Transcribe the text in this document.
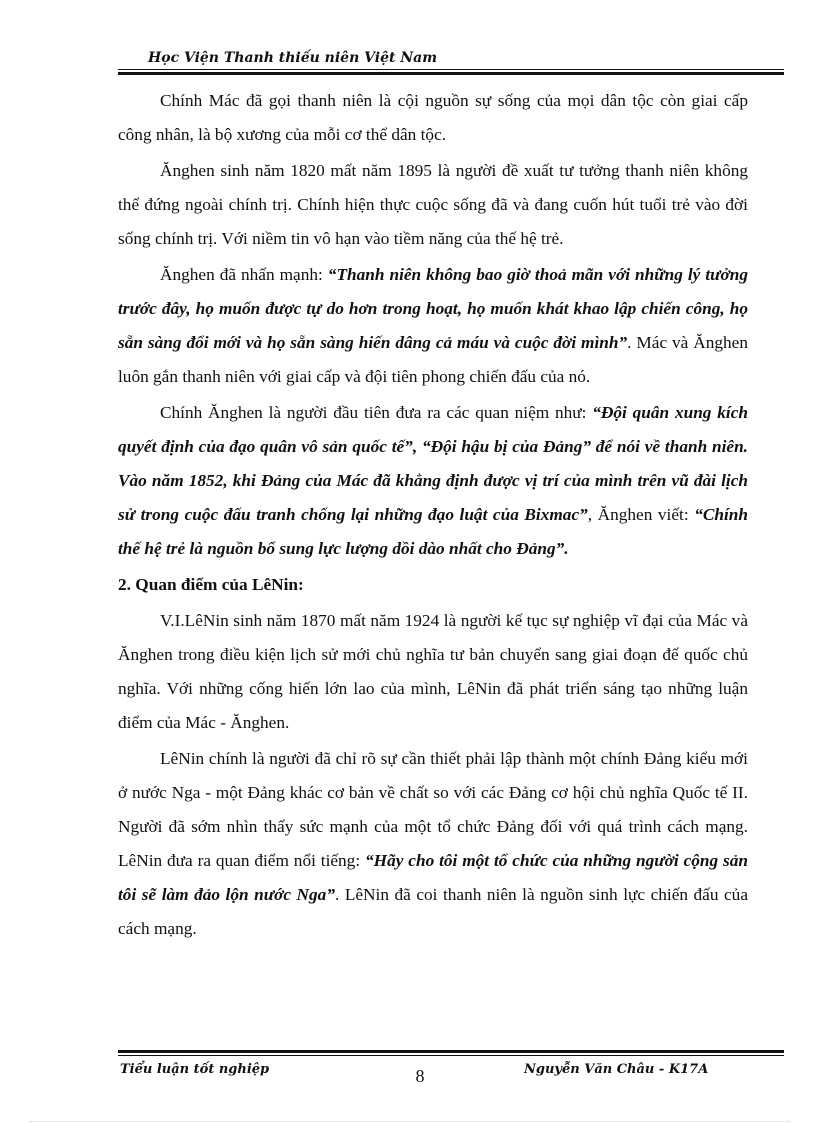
Học Viện Thanh thiếu niên Việt Nam

Chính Mác đã gọi thanh niên là cội nguồn sự sống của mọi dân tộc còn giai cấp công nhân, là bộ xương của mỗi cơ thể dân tộc.

Ănghen sinh năm 1820 mất năm 1895 là người đề xuất tư tưởng thanh niên không thể đứng ngoài chính trị. Chính hiện thực cuộc sống đã và đang cuốn hút tuổi trẻ vào đời sống chính trị. Với niềm tin vô hạn vào tiềm năng của thế hệ trẻ.

Ănghen đã nhấn mạnh: “Thanh niên không bao giờ thoả mãn với những lý tưởng trước đây, họ muốn được tự do hơn trong hoạt, họ muốn khát khao lập chiến công, họ sẵn sàng đổi mới và họ sẵn sàng hiến dâng cả máu và cuộc đời mình”. Mác và Ănghen luôn gắn thanh niên với giai cấp và đội tiên phong chiến đấu của nó.

Chính Ănghen là người đầu tiên đưa ra các quan niệm như: “Đội quân xung kích quyết định của đạo quân vô sản quốc tế”, “Đội hậu bị của Đảng” để nói về thanh niên. Vào năm 1852, khi Đảng của Mác đã khẳng định được vị trí của mình trên vũ đài lịch sử trong cuộc đấu tranh chống lại những đạo luật của Bixmac”, Ănghen viết: “Chính thế hệ trẻ là nguồn bổ sung lực lượng dồi dào nhất cho Đảng”.

2. Quan điểm của LêNin:

V.I.LêNin sinh năm 1870 mất năm 1924 là người kế tục sự nghiệp vĩ đại của Mác và Ănghen trong điều kiện lịch sử mới chủ nghĩa tư bản chuyển sang giai đoạn đế quốc chủ nghĩa. Với những cống hiến lớn lao của mình, LêNin đã phát triển sáng tạo những luận điểm của Mác - Ănghen.

LêNin chính là người đã chỉ rõ sự cần thiết phải lập thành một chính Đảng kiểu mới ở nước Nga - một Đảng khác cơ bản về chất so với các Đảng cơ hội chủ nghĩa Quốc tế II. Người đã sớm nhìn thấy sức mạnh của một tổ chức Đảng đối với quá trình cách mạng. LêNin đưa ra quan điểm nổi tiếng: “Hãy cho tôi một tổ chức của những người cộng sản tôi sẽ làm đảo lộn nước Nga”. LêNin đã coi thanh niên là nguồn sinh lực chiến đấu của cách mạng.

Tiểu luận tốt nghiệp	8	Nguyễn Văn Châu - K17A
